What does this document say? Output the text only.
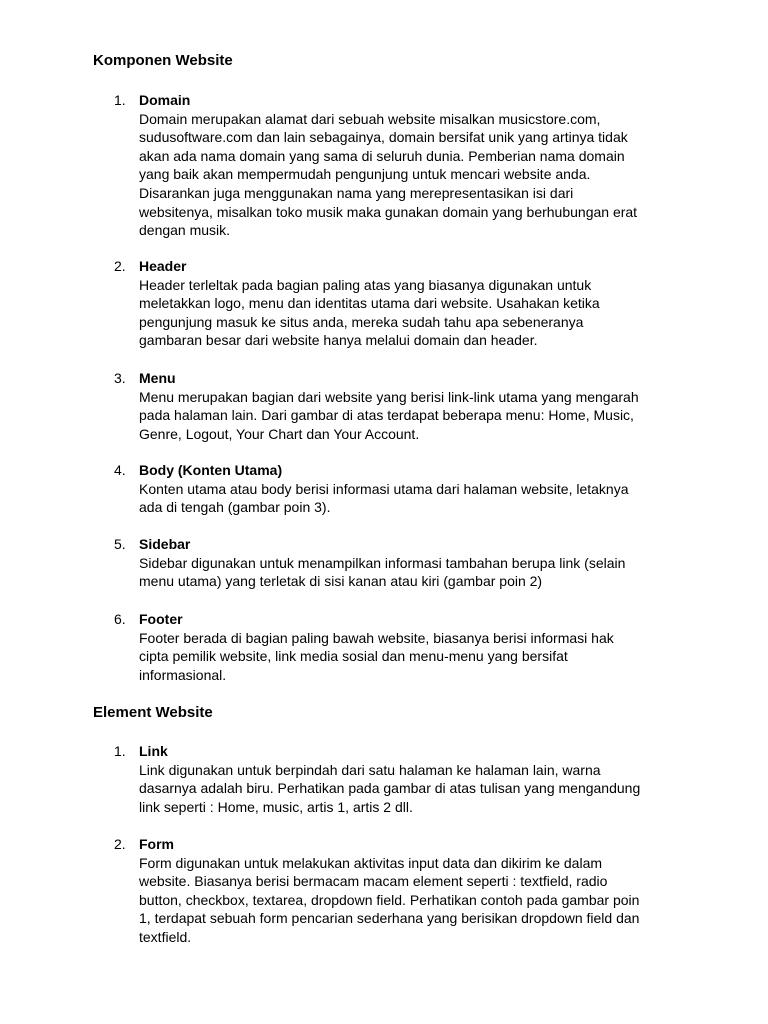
Komponen Website
1. Domain

Domain merupakan alamat dari sebuah website misalkan musicstore.com,
sudusoftware.com dan lain sebagainya, domain bersifat unik yang artinya tidak
akan ada nama domain yang sama di seluruh dunia. Pemberian nama domain
yang baik akan mempermudah pengunjung untuk mencari website anda.
Disarankan juga menggunakan nama yang merepresentasikan isi dari
websitenya, misalkan toko musik maka gunakan domain yang berhubungan erat
dengan musik.

2. Header

Header terleltak pada bagian paling atas yang biasanya digunakan untuk
meletakkan logo, menu dan identitas utama dari website. Usahakan ketika
pengunjung masuk ke situs anda, mereka sudah tahu apa sebeneranya
gambaran besar dari website hanya melalui domain dan header.

3. Menu

Menu merupakan bagian dari website yang berisi link-link utama yang mengarah
pada halaman lain. Dari gambar di atas terdapat beberapa menu: Home, Music,
Genre, Logout, Your Chart dan Your Account.

4. Body (Konten Utama)

Konten utama atau body berisi informasi utama dari halaman website, letaknya
ada di tengah (gambar poin 3).

5. Sidebar

Sidebar digunakan untuk menampilkan informasi tambahan berupa link (selain
menu utama) yang terletak di sisi kanan atau kiri (gambar poin 2)

6. Footer

Footer berada di bagian paling bawah website, biasanya berisi informasi hak
cipta pemilik website, link media sosial dan menu-menu yang bersifat
informasional.

Element Website
1. Link

Link digunakan untuk berpindah dari satu halaman ke halaman lain, warna
dasarnya adalah biru. Perhatikan pada gambar di atas tulisan yang mengandung
link seperti : Home, music, artis 1, artis 2 dll.

2. Form

Form digunakan untuk melakukan aktivitas input data dan dikirim ke dalam
website. Biasanya berisi bermacam macam element seperti : textfield, radio
button, checkbox, textarea, dropdown field. Perhatikan contoh pada gambar poin
1, terdapat sebuah form pencarian sederhana yang berisikan dropdown field dan
textfield.
